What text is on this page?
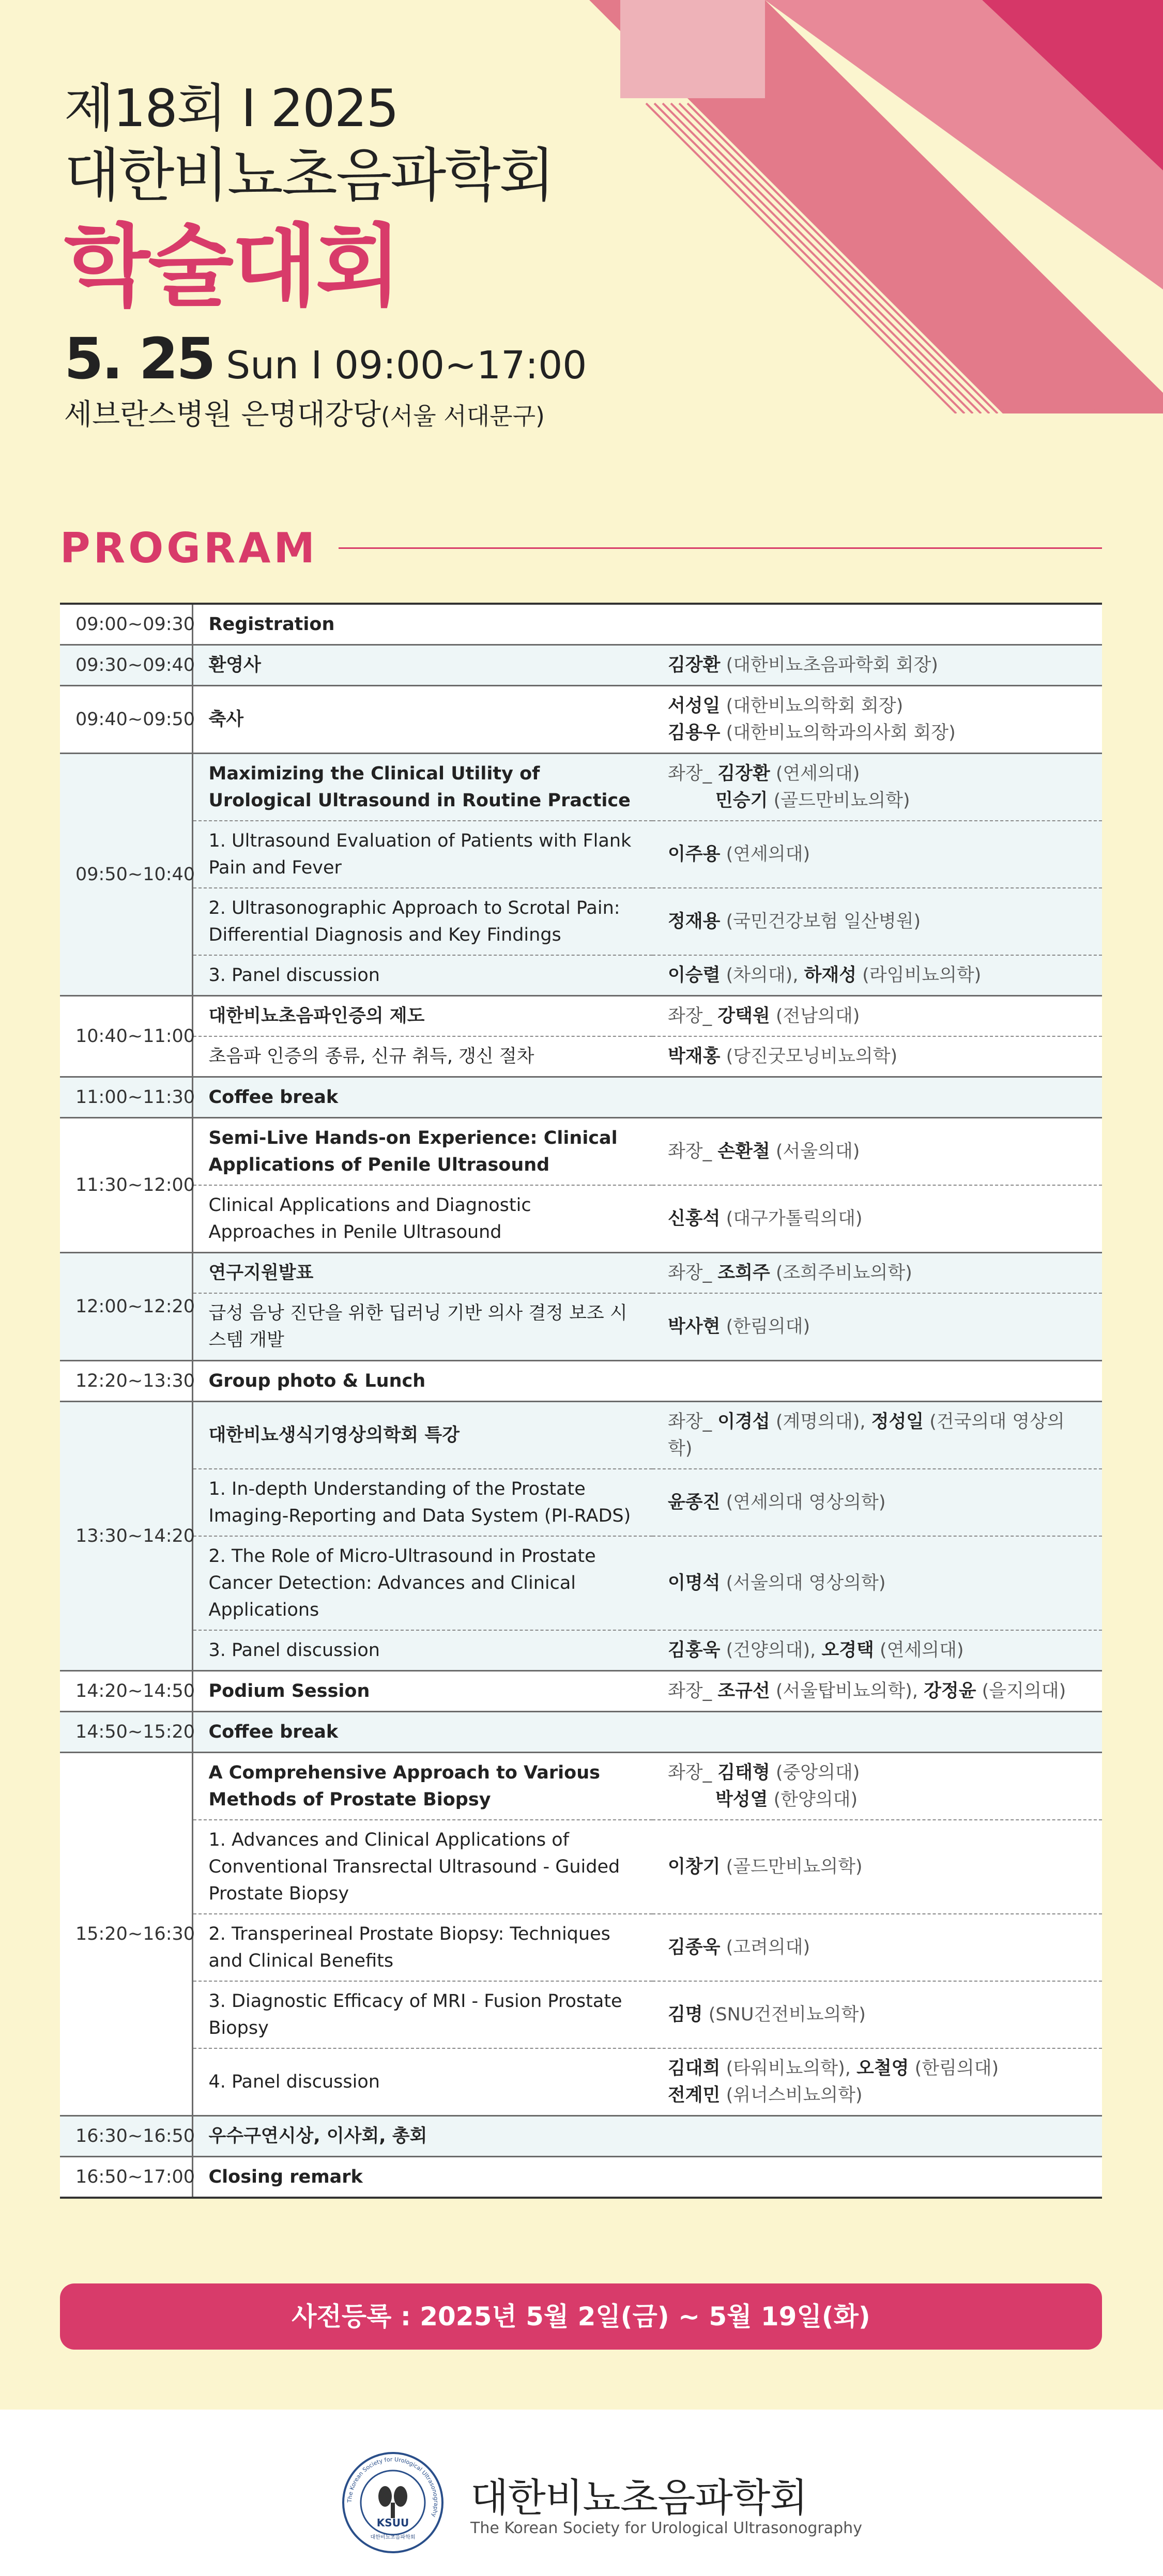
제18회 I 2025
대한비뇨초음파학회
학술대회
5. 25 Sun I 09:00~17:00
세브란스병원 은명대강당(서울 서대문구)
PROGRAM
09:00~09:30	Registration	
09:30~09:40	환영사	김장환 (대한비뇨초음파학회 회장)
09:40~09:50	축사	서성일 (대한비뇨의학회 회장)
김용우 (대한비뇨의학과의사회 회장)
09:50~10:40	Maximizing the Clinical Utility of Urological Ultrasound in Routine Practice	좌장_ 김장환 (연세의대)
민승기 (골드만비뇨의학)
	1. Ultrasound Evaluation of Patients with Flank Pain and Fever	이주용 (연세의대)
	2. Ultrasonographic Approach to Scrotal Pain: Differential Diagnosis and Key Findings	정재용 (국민건강보험 일산병원)
	3. Panel discussion	이승렬 (차의대), 하재성 (라임비뇨의학)
10:40~11:00	대한비뇨초음파인증의 제도	좌장_ 강택원 (전남의대)
	초음파 인증의 종류, 신규 취득, 갱신 절차	박재홍 (당진굿모닝비뇨의학)
11:00~11:30	Coffee break	
11:30~12:00	Semi-Live Hands-on Experience: Clinical Applications of Penile Ultrasound	좌장_ 손환철 (서울의대)
	Clinical Applications and Diagnostic Approaches in Penile Ultrasound	신홍석 (대구가톨릭의대)
12:00~12:20	연구지원발표	좌장_ 조희주 (조희주비뇨의학)
	급성 음낭 진단을 위한 딥러닝 기반 의사 결정 보조 시스템 개발	박사현 (한림의대)
12:20~13:30	Group photo & Lunch	
13:30~14:20	대한비뇨생식기영상의학회 특강	좌장_ 이경섭 (계명의대), 정성일 (건국의대 영상의학)
	1. In-depth Understanding of the Prostate Imaging-Reporting and Data System (PI-RADS)	윤종진 (연세의대 영상의학)
	2. The Role of Micro-Ultrasound in Prostate Cancer Detection: Advances and Clinical Applications	이명석 (서울의대 영상의학)
	3. Panel discussion	김홍욱 (건양의대), 오경택 (연세의대)
14:20~14:50	Podium Session	좌장_ 조규선 (서울탑비뇨의학), 강정윤 (을지의대)
14:50~15:20	Coffee break	
15:20~16:30	A Comprehensive Approach to Various Methods of Prostate Biopsy	좌장_ 김태형 (중앙의대)
박성열 (한양의대)
	1. Advances and Clinical Applications of Conventional Transrectal Ultrasound - Guided Prostate Biopsy	이창기 (골드만비뇨의학)
	2. Transperineal Prostate Biopsy: Techniques and Clinical Benefits	김종욱 (고려의대)
	3. Diagnostic Efficacy of MRI - Fusion Prostate Biopsy	김명 (SNU건전비뇨의학)
	4. Panel discussion	김대희 (타워비뇨의학), 오철영 (한림의대)
전계민 (위너스비뇨의학)
16:30~16:50	우수구연시상, 이사회, 총회	
16:50~17:00	Closing remark	
사전등록 : 2025년 5월 2일(금) ~ 5월 19일(화)
The Korean Society for Urological Ultrasonography
KSUU
대한비뇨초음파학회
대한비뇨초음파학회
The Korean Society for Urological Ultrasonography
